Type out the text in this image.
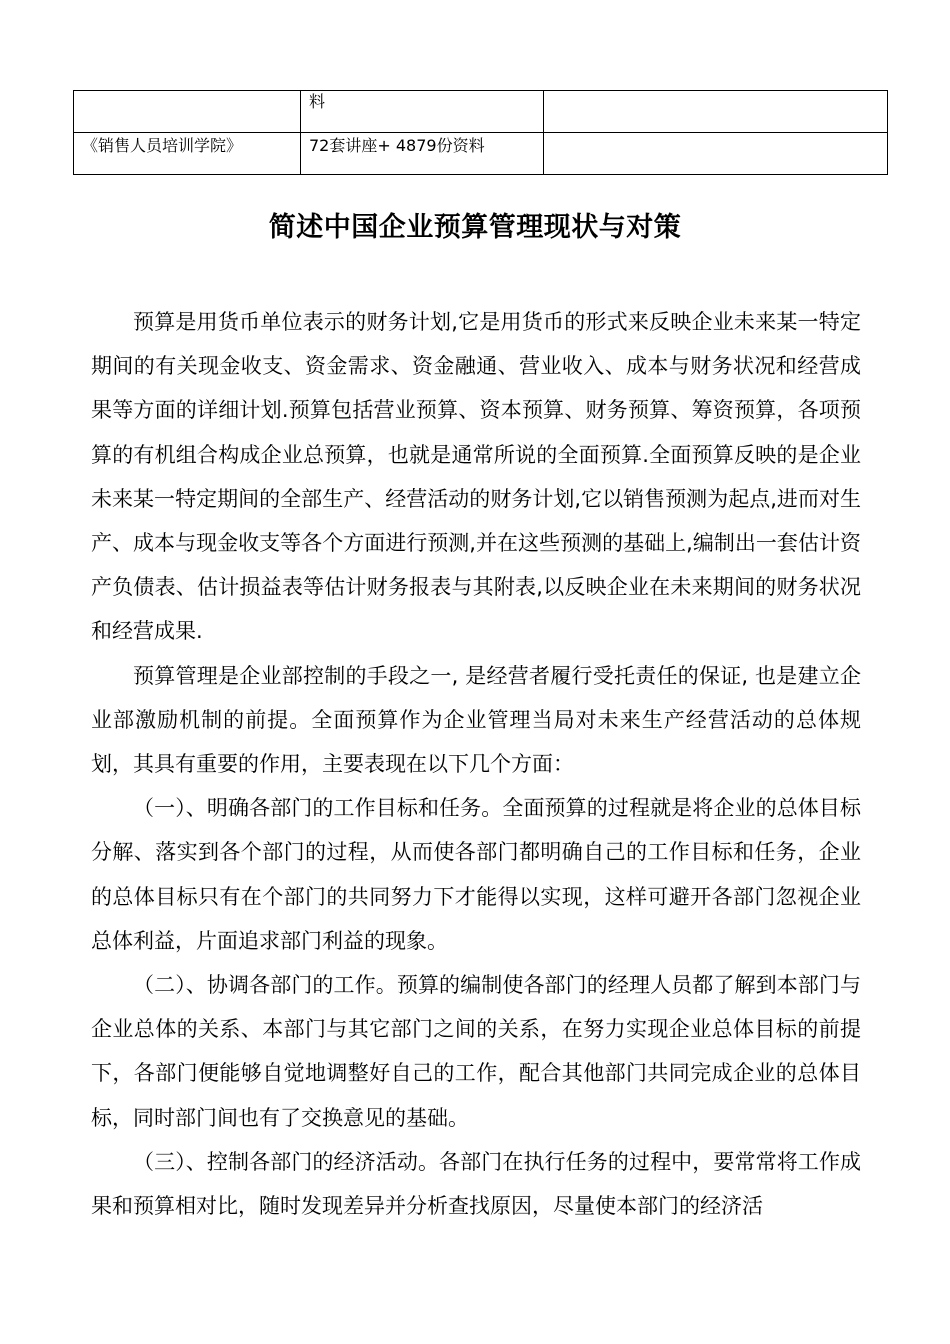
	料	
《销售人员培训学院》	72套讲座+ 4879份资料	
简述中国企业预算管理现状与对策

预算是用货币单位表示的财务计划,它是用货币的形式来反映企业未来某一特定期间的有关现金收支、资金需求、资金融通、营业收入、成本与财务状况和经营成果等方面的详细计划.预算包括营业预算、资本预算、财务预算、筹资预算，各项预算的有机组合构成企业总预算，也就是通常所说的全面预算.全面预算反映的是企业未来某一特定期间的全部生产、经营活动的财务计划,它以销售预测为起点,进而对生产、成本与现金收支等各个方面进行预测,并在这些预测的基础上,编制出一套估计资产负债表、估计损益表等估计财务报表与其附表,以反映企业在未来期间的财务状况和经营成果.

预算管理是企业部控制的手段之一, 是经营者履行受托责任的保证, 也是建立企业部激励机制的前提。全面预算作为企业管理当局对未来生产经营活动的总体规划，其具有重要的作用，主要表现在以下几个方面：

（一）、明确各部门的工作目标和任务。全面预算的过程就是将企业的总体目标分解、落实到各个部门的过程，从而使各部门都明确自己的工作目标和任务，企业的总体目标只有在个部门的共同努力下才能得以实现，这样可避开各部门忽视企业总体利益，片面追求部门利益的现象。

（二）、协调各部门的工作。预算的编制使各部门的经理人员都了解到本部门与企业总体的关系、本部门与其它部门之间的关系，在努力实现企业总体目标的前提下，各部门便能够自觉地调整好自己的工作，配合其他部门共同完成企业的总体目标，同时部门间也有了交换意见的基础。

（三）、控制各部门的经济活动。各部门在执行任务的过程中，要常常将工作成果和预算相对比，随时发现差异并分析查找原因，尽量使本部门的经济活
